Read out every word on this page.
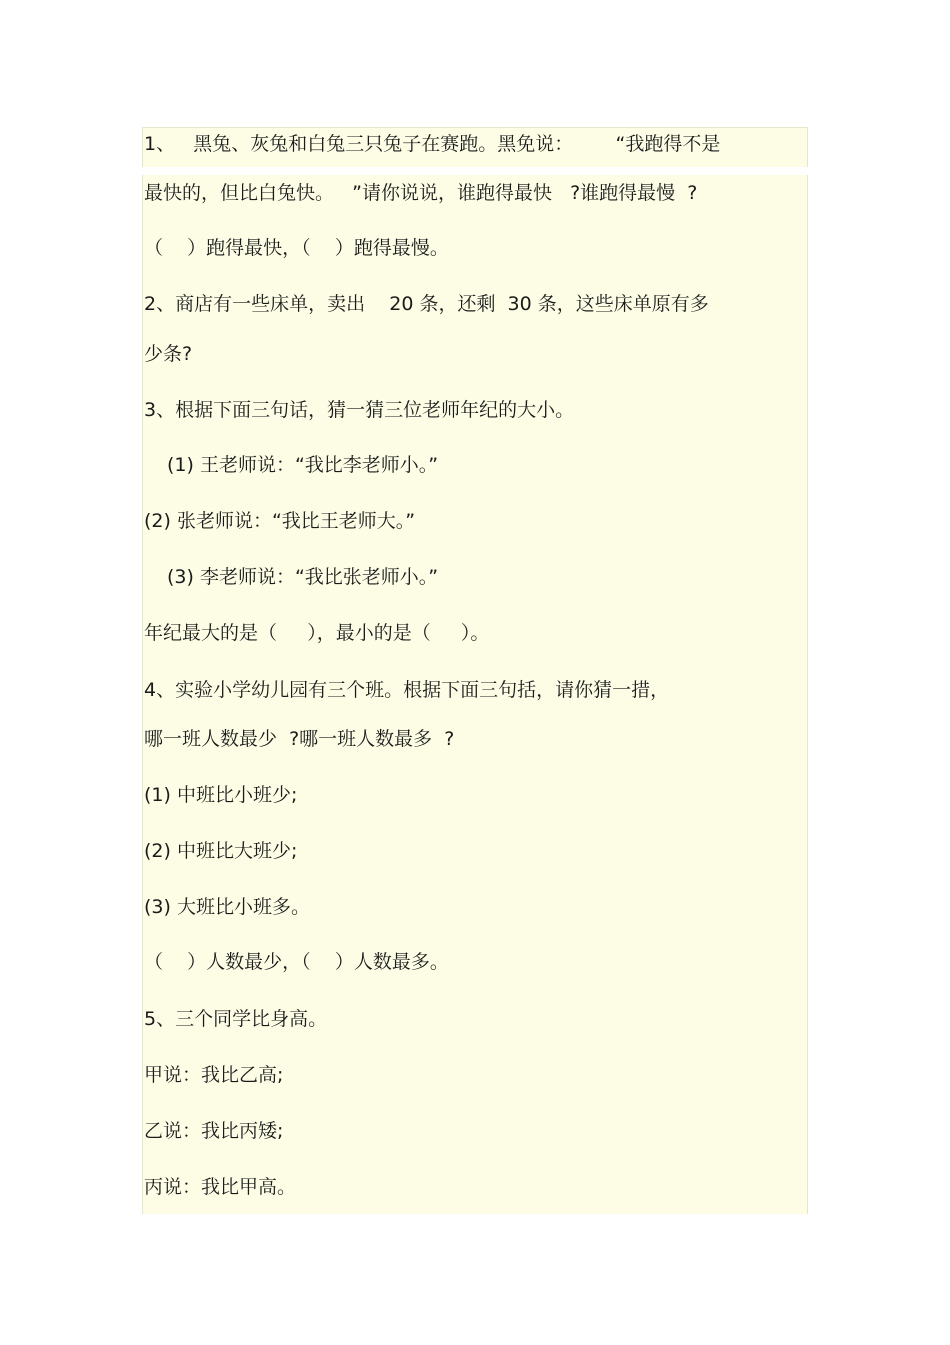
1、   黑兔、灰兔和白兔三只兔子在赛跑。黑免说：       “我跑得不是

最快的，但比白兔快。   ”请你说说，谁跑得最快   ?谁跑得最慢  ?

（    ）跑得最快，（    ）跑得最慢。

2、商店有一些床单，卖出    20 条，还剩  30 条，这些床单原有多

少条?

3、根据下面三句话，猜一猜三位老师年纪的大小。

(1) 王老师说：“我比李老师小。”

(2) 张老师说：“我比王老师大。”

(3) 李老师说：“我比张老师小。”

年纪最大的是（     ），最小的是（     ）。

4、实验小学幼儿园有三个班。根据下面三句括，请你猜一措，

哪一班人数最少  ?哪一班人数最多  ?

(1) 中班比小班少;

(2) 中班比大班少;

(3) 大班比小班多。

（    ）人数最少，（    ）人数最多。

5、三个同学比身高。

甲说：我比乙高;

乙说：我比丙矮;

丙说：我比甲高。
